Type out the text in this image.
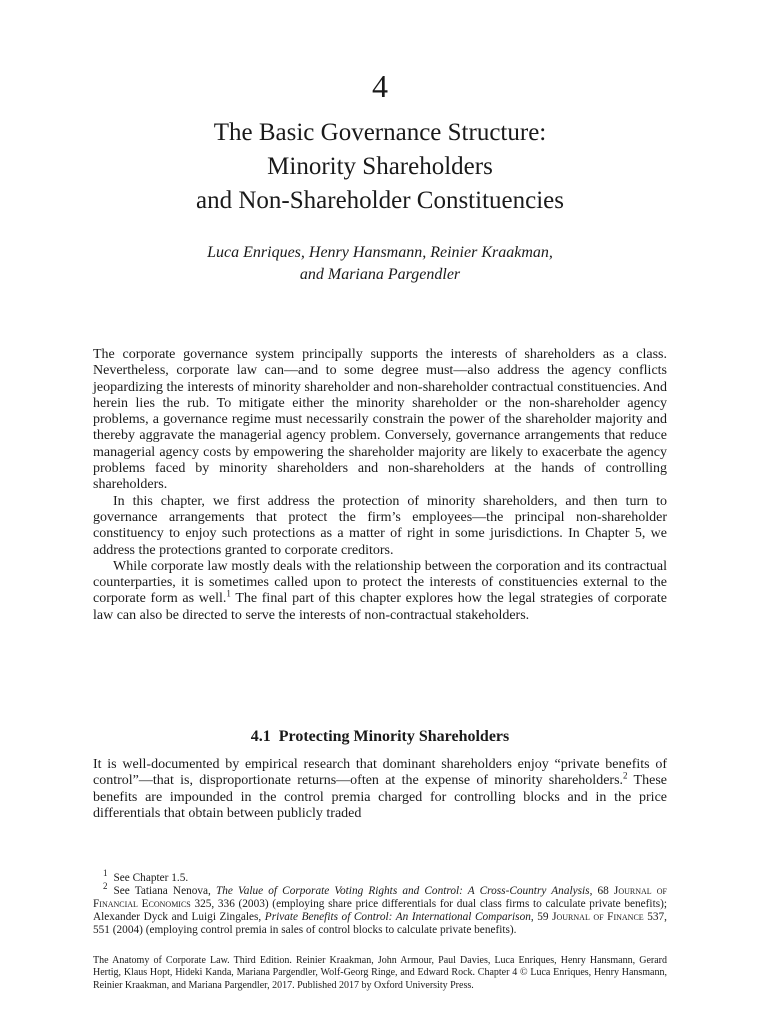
4
The Basic Governance Structure:
Minority Shareholders
and Non-Shareholder Constituencies
Luca Enriques, Henry Hansmann, Reinier Kraakman,
and Mariana Pargendler

The corporate governance system principally supports the interests of shareholders as a class. Nevertheless, corporate law can—and to some degree must—also address the agency conflicts jeopardizing the interests of minority shareholder and non-shareholder contractual constituencies. And herein lies the rub. To mitigate either the minority shareholder or the non-shareholder agency problems, a governance regime must necessarily constrain the power of the shareholder majority and thereby aggravate the managerial agency problem. Conversely, governance arrangements that reduce managerial agency costs by empowering the shareholder majority are likely to exacerbate the agency problems faced by minority shareholders and non-shareholders at the hands of controlling shareholders.

In this chapter, we first address the protection of minority shareholders, and then turn to governance arrangements that protect the firm’s employees—the principal non-shareholder constituency to enjoy such protections as a matter of right in some jurisdictions. In Chapter 5, we address the protections granted to corporate creditors.

While corporate law mostly deals with the relationship between the corporation and its contractual counterparties, it is sometimes called upon to protect the interests of constituencies external to the corporate form as well.$^1$ The final part of this chapter explores how the legal strategies of corporate law can also be directed to serve the interests of non-contractual stakeholders.

4.1 Protecting Minority Shareholders

It is well-documented by empirical research that dominant shareholders enjoy “private benefits of control”—that is, disproportionate returns—often at the expense of minority shareholders.$^2$ These benefits are impounded in the control premia charged for controlling blocks and in the price differentials that obtain between publicly traded

$^1$ See Chapter 1.5.

$^2$ See Tatiana Nenova, The Value of Corporate Voting Rights and Control: A Cross-Country Analysis, 68 Journal of Financial Economics 325, 336 (2003) (employing share price differentials for dual class firms to calculate private benefits); Alexander Dyck and Luigi Zingales, Private Benefits of Control: An International Comparison, 59 Journal of Finance 537, 551 (2004) (employing control premia in sales of control blocks to calculate private benefits).

The Anatomy of Corporate Law. Third Edition. Reinier Kraakman, John Armour, Paul Davies, Luca Enriques, Henry Hansmann, Gerard Hertig, Klaus Hopt, Hideki Kanda, Mariana Pargendler, Wolf-Georg Ringe, and Edward Rock. Chapter 4 © Luca Enriques, Henry Hansmann, Reinier Kraakman, and Mariana Pargendler, 2017. Published 2017 by Oxford University Press.
